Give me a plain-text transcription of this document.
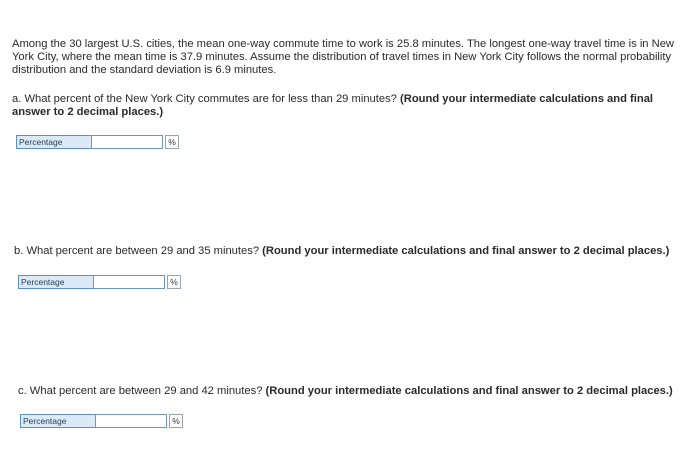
Among the 30 largest U.S. cities, the mean one-way commute time to work is 25.8 minutes. The longest one-way travel time is in New
York City, where the mean time is 37.9 minutes. Assume the distribution of travel times in New York City follows the normal probability
distribution and the standard deviation is 6.9 minutes.
a. What percent of the New York City commutes are for less than 29 minutes? (Round your intermediate calculations and final answer to 2 decimal places.)
Percentage	%
b. What percent are between 29 and 35 minutes? (Round your intermediate calculations and final answer to 2 decimal places.)
Percentage	%
c. What percent are between 29 and 42 minutes? (Round your intermediate calculations and final answer to 2 decimal places.)
Percentage	%
